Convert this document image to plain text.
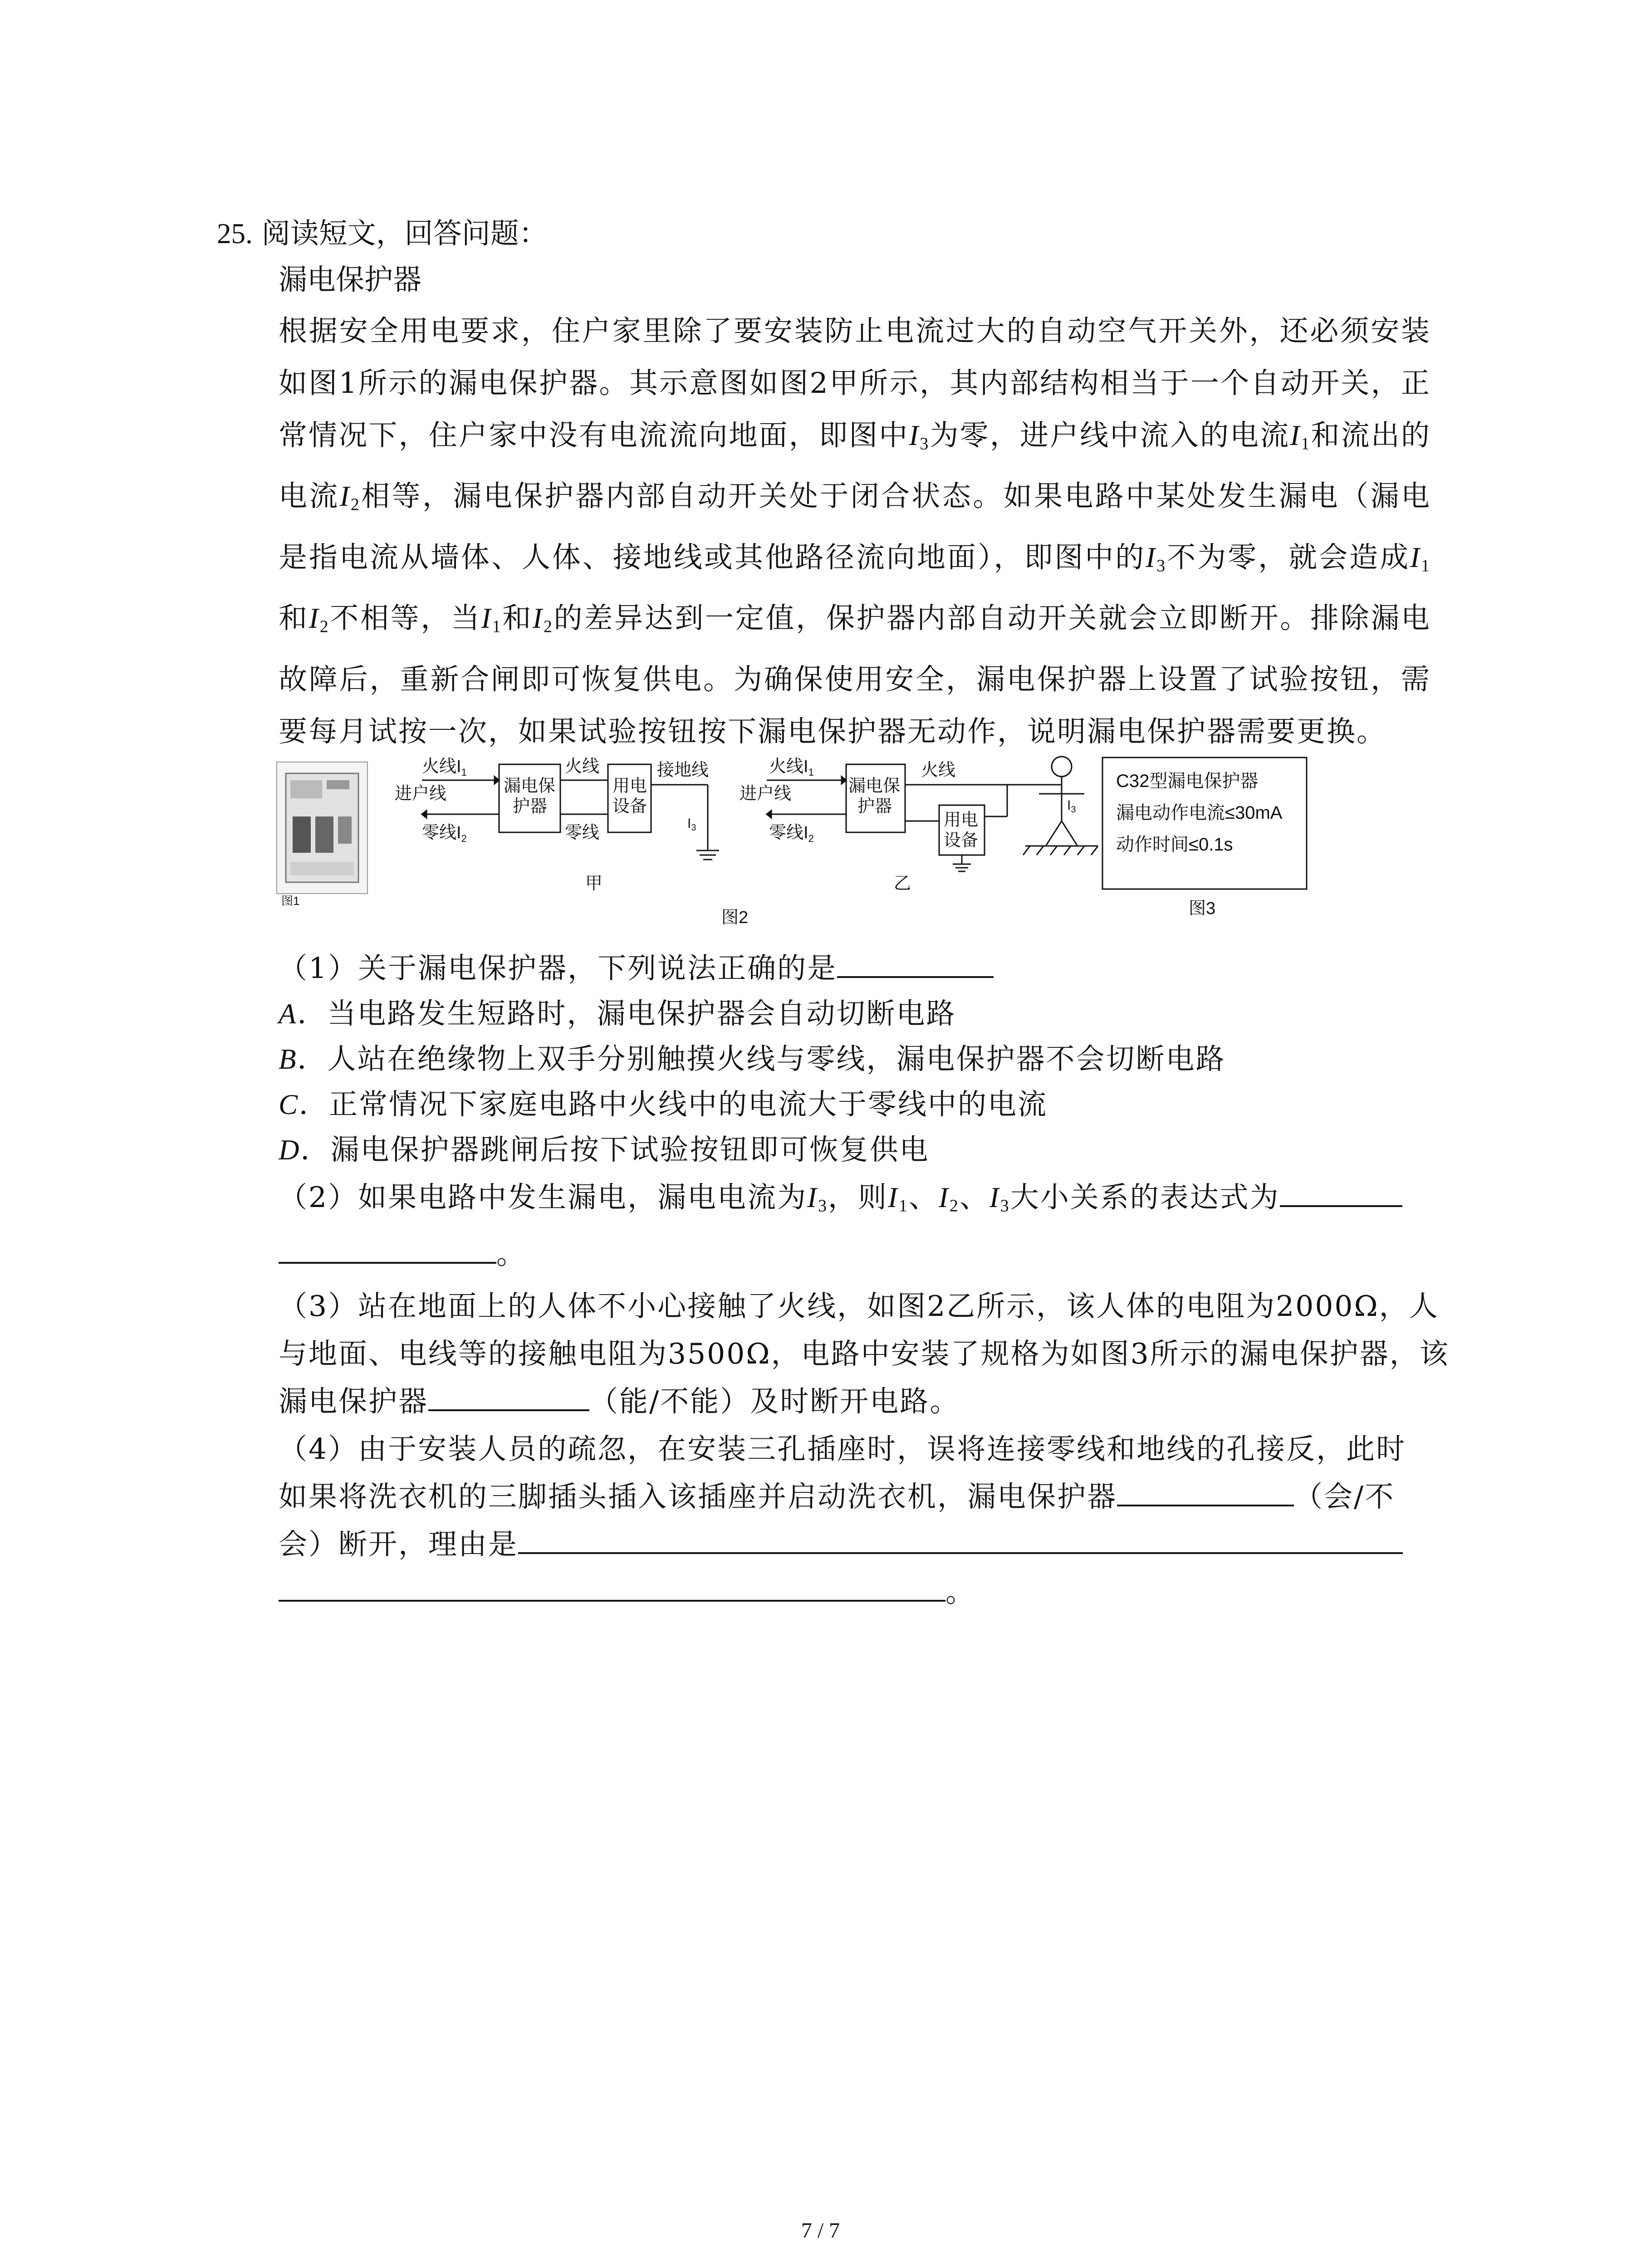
25. 阅读短文，回答问题：
漏电保护器
根据安全用电要求，住户家里除了要安装防止电流过大的自动空气开关外，还必须安装如图1所示的漏电保护器。其示意图如图2甲所示，其内部结构相当于一个自动开关，正常情况下，住户家中没有电流流向地面，即图中$I_3$为零，进户线中流入的电流$I_1$和流出的电流$I_2$相等，漏电保护器内部自动开关处于闭合状态。如果电路中某处发生漏电（漏电是指电流从墙体、人体、接地线或其他路径流向地面），即图中的$I_3$不为零，就会造成$I_1$和$I_2$不相等，当$I_1$和$I_2$的差异达到一定值，保护器内部自动开关就会立即断开。排除漏电故障后，重新合闸即可恢复供电。为确保使用安全，漏电保护器上设置了试验按钮，需要每月试按一次，如果试验按钮按下漏电保护器无动作，说明漏电保护器需要更换。
图1
火线$I_1$
进户线
零线$I_2$
漏电保
护器
火线
零线
用电
设备
接地线
$I_3$
甲
火线$I_1$
进户线
零线$I_2$
漏电保
护器
火线
用电
设备
$I_3$
乙
图2
C32型漏电保护器
漏电动作电流≤30mA
动作时间≤0.1s
图3
（1）关于漏电保护器，下列说法正确的是
A．当电路发生短路时，漏电保护器会自动切断电路
B．人站在绝缘物上双手分别触摸火线与零线，漏电保护器不会切断电路
C．正常情况下家庭电路中火线中的电流大于零线中的电流
D．漏电保护器跳闸后按下试验按钮即可恢复供电
（2）如果电路中发生漏电，漏电电流为$I_3$，则$I_1$、$I_2$、$I_3$大小关系的表达式为
。
（3）站在地面上的人体不小心接触了火线，如图2乙所示，该人体的电阻为2000Ω，人
与地面、电线等的接触电阻为3500Ω，电路中安装了规格为如图3所示的漏电保护器，该
漏电保护器	（能/不能）及时断开电路。
（4）由于安装人员的疏忽，在安装三孔插座时，误将连接零线和地线的孔接反，此时
如果将洗衣机的三脚插头插入该插座并启动洗衣机，漏电保护器	（会/不
会）断开，理由是
。
7 / 7
